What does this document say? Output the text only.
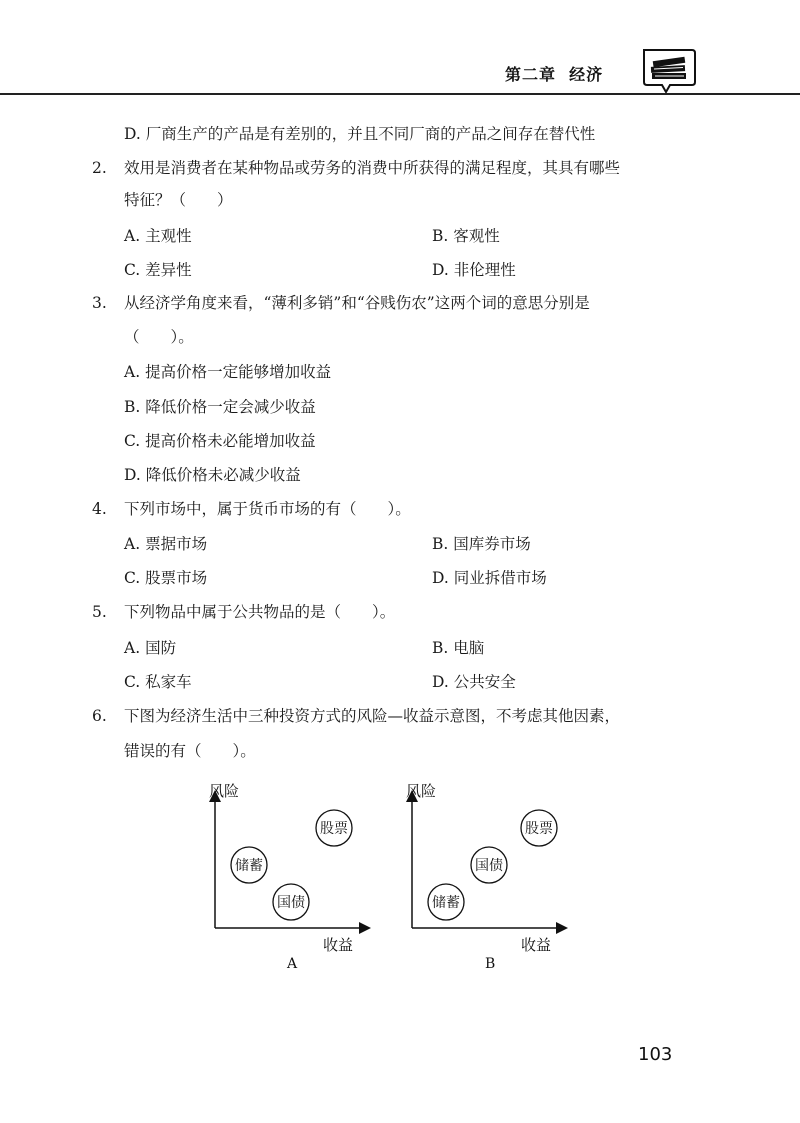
第二章 经济
D. 厂商生产的产品是有差别的，并且不同厂商的产品之间存在替代性
2. 效用是消费者在某种物品或劳务的消费中所获得的满足程度，其具有哪些
特征？（　　）
A. 主观性	B. 客观性
C. 差异性	D. 非伦理性
3. 从经济学角度来看，“薄利多销”和“谷贱伤农”这两个词的意思分别是
（　　）。
A. 提高价格一定能够增加收益
B. 降低价格一定会减少收益
C. 提高价格未必能增加收益
D. 降低价格未必减少收益
4. 下列市场中，属于货币市场的有（　　）。
A. 票据市场	B. 国库券市场
C. 股票市场	D. 同业拆借市场
5. 下列物品中属于公共物品的是（　　）。
A. 国防	B. 电脑
C. 私家车	D. 公共安全
6. 下图为经济生活中三种投资方式的风险—收益示意图，不考虑其他因素，
错误的有（　　）。
风险
收益
股票
储蓄
国债
A
风险
收益
股票
国债
储蓄
B
103
